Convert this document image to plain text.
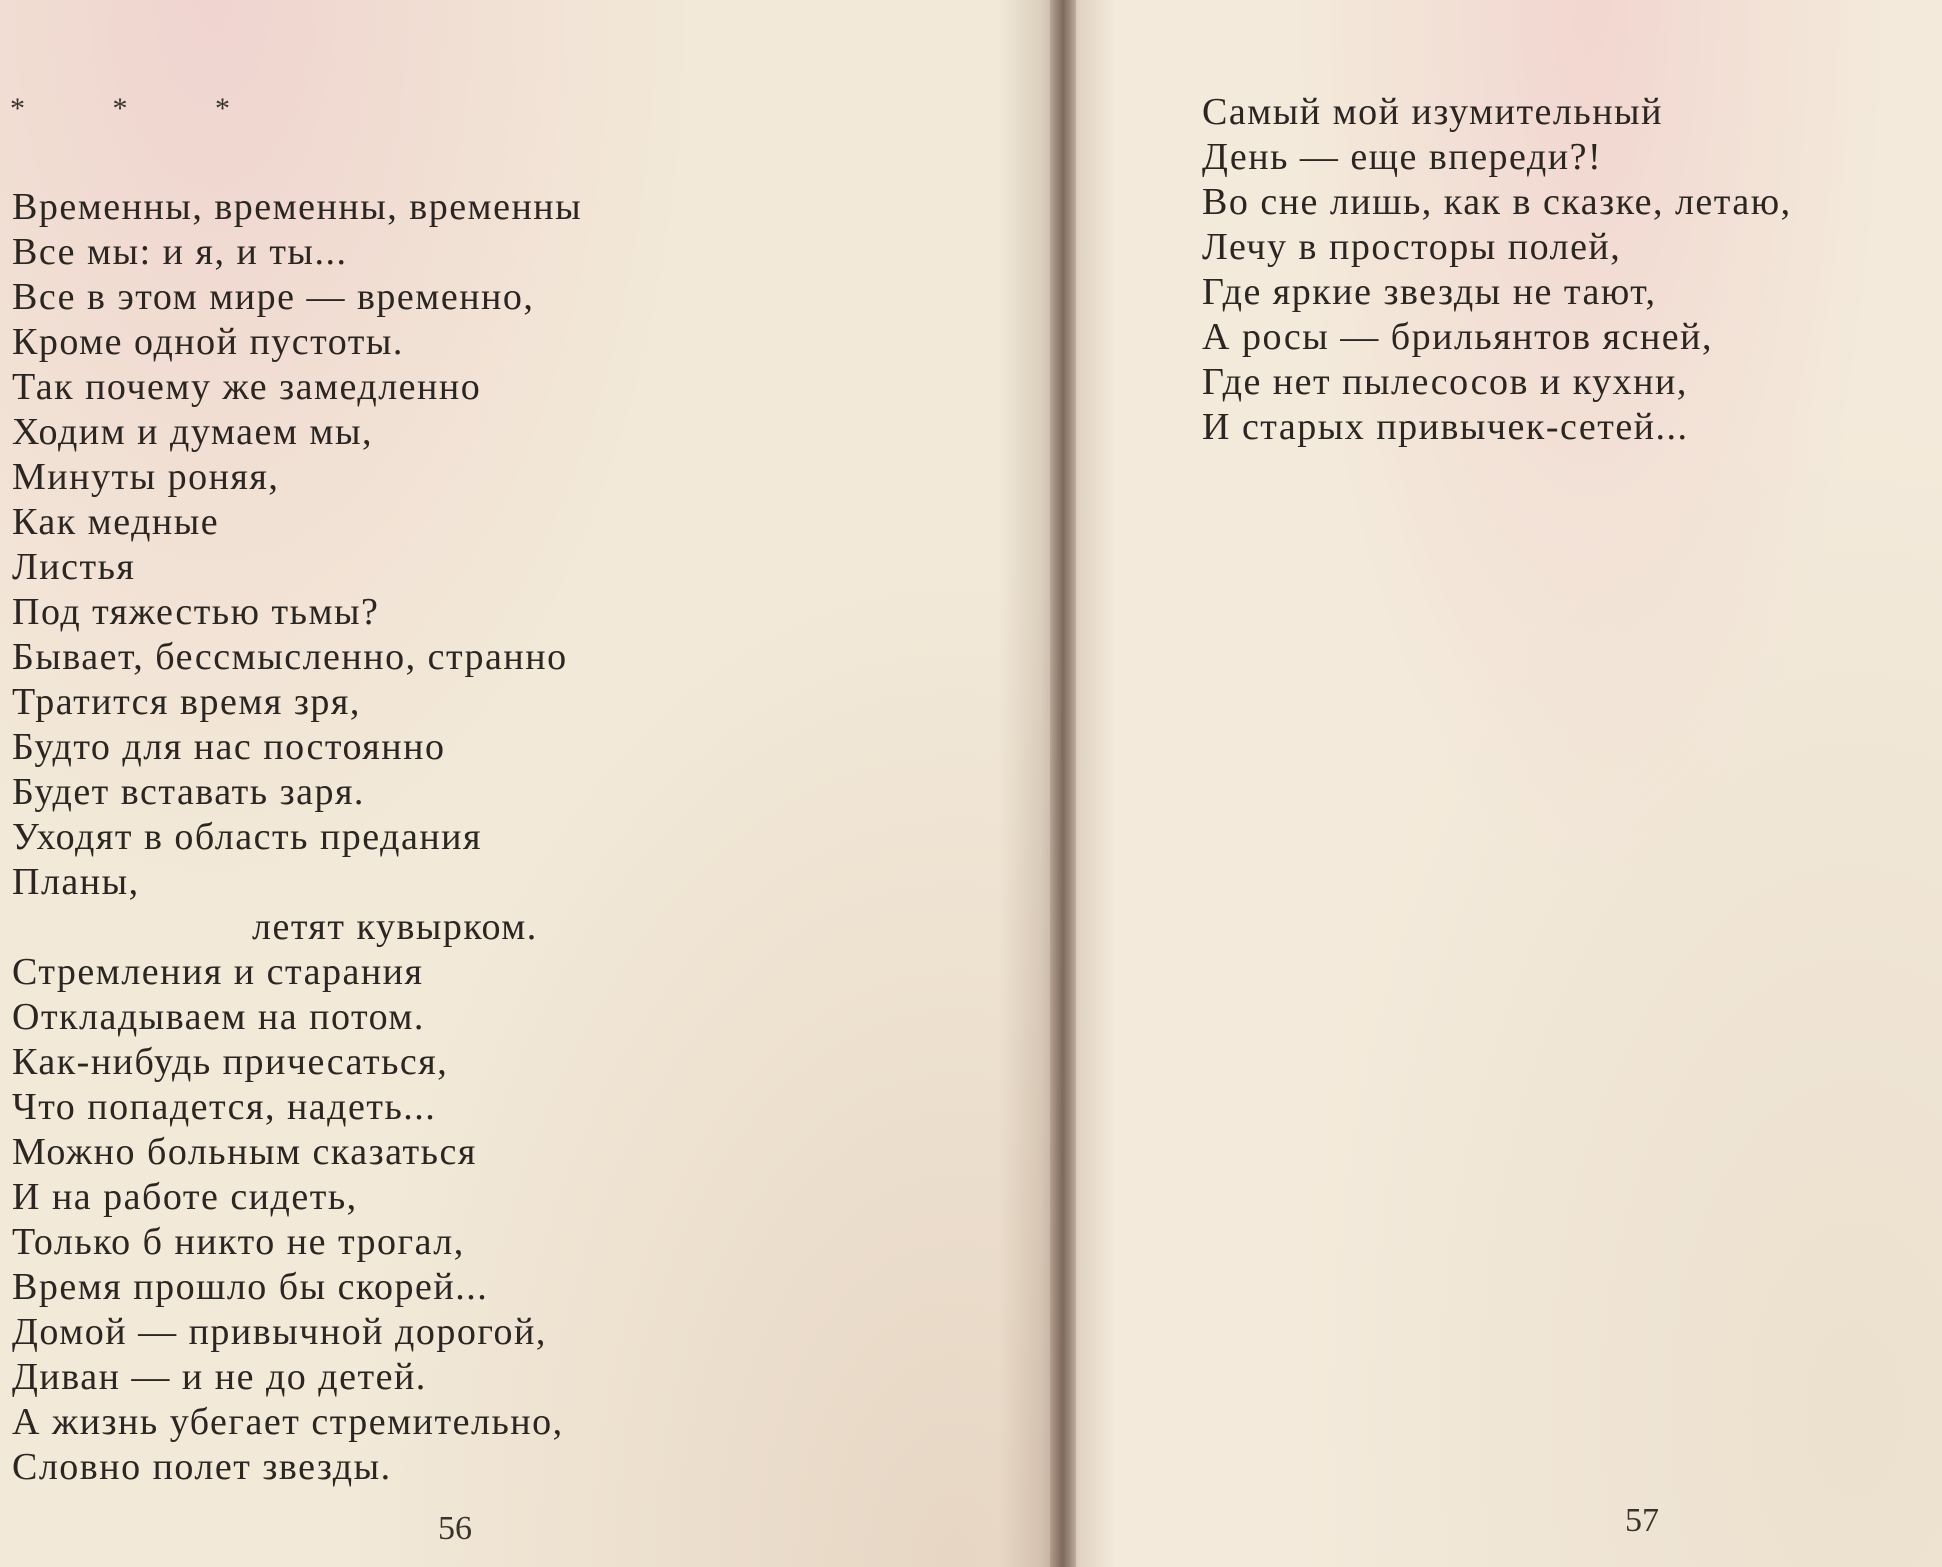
* * *
Временны, временны, временны
Все мы: и я, и ты...
Все в этом мире — временно,
Кроме одной пустоты.
Так почему же замедленно
Ходим и думаем мы,
Минуты роняя,
Как медные
Листья
Под тяжестью тьмы?
Бывает, бессмысленно, странно
Тратится время зря,
Будто для нас постоянно
Будет вставать заря.
Уходят в область предания
Планы,
летят кувырком.
Стремления и старания
Откладываем на потом.
Как-нибудь причесаться,
Что попадется, надеть...
Можно больным сказаться
И на работе сидеть,
Только б никто не трогал,
Время прошло бы скорей...
Домой — привычной дорогой,
Диван — и не до детей.
А жизнь убегает стремительно,
Словно полет звезды.
56
Самый мой изумительный
День — еще впереди?!
Во сне лишь, как в сказке, летаю,
Лечу в просторы полей,
Где яркие звезды не тают,
А росы — брильянтов ясней,
Где нет пылесосов и кухни,
И старых привычек-сетей...
57
